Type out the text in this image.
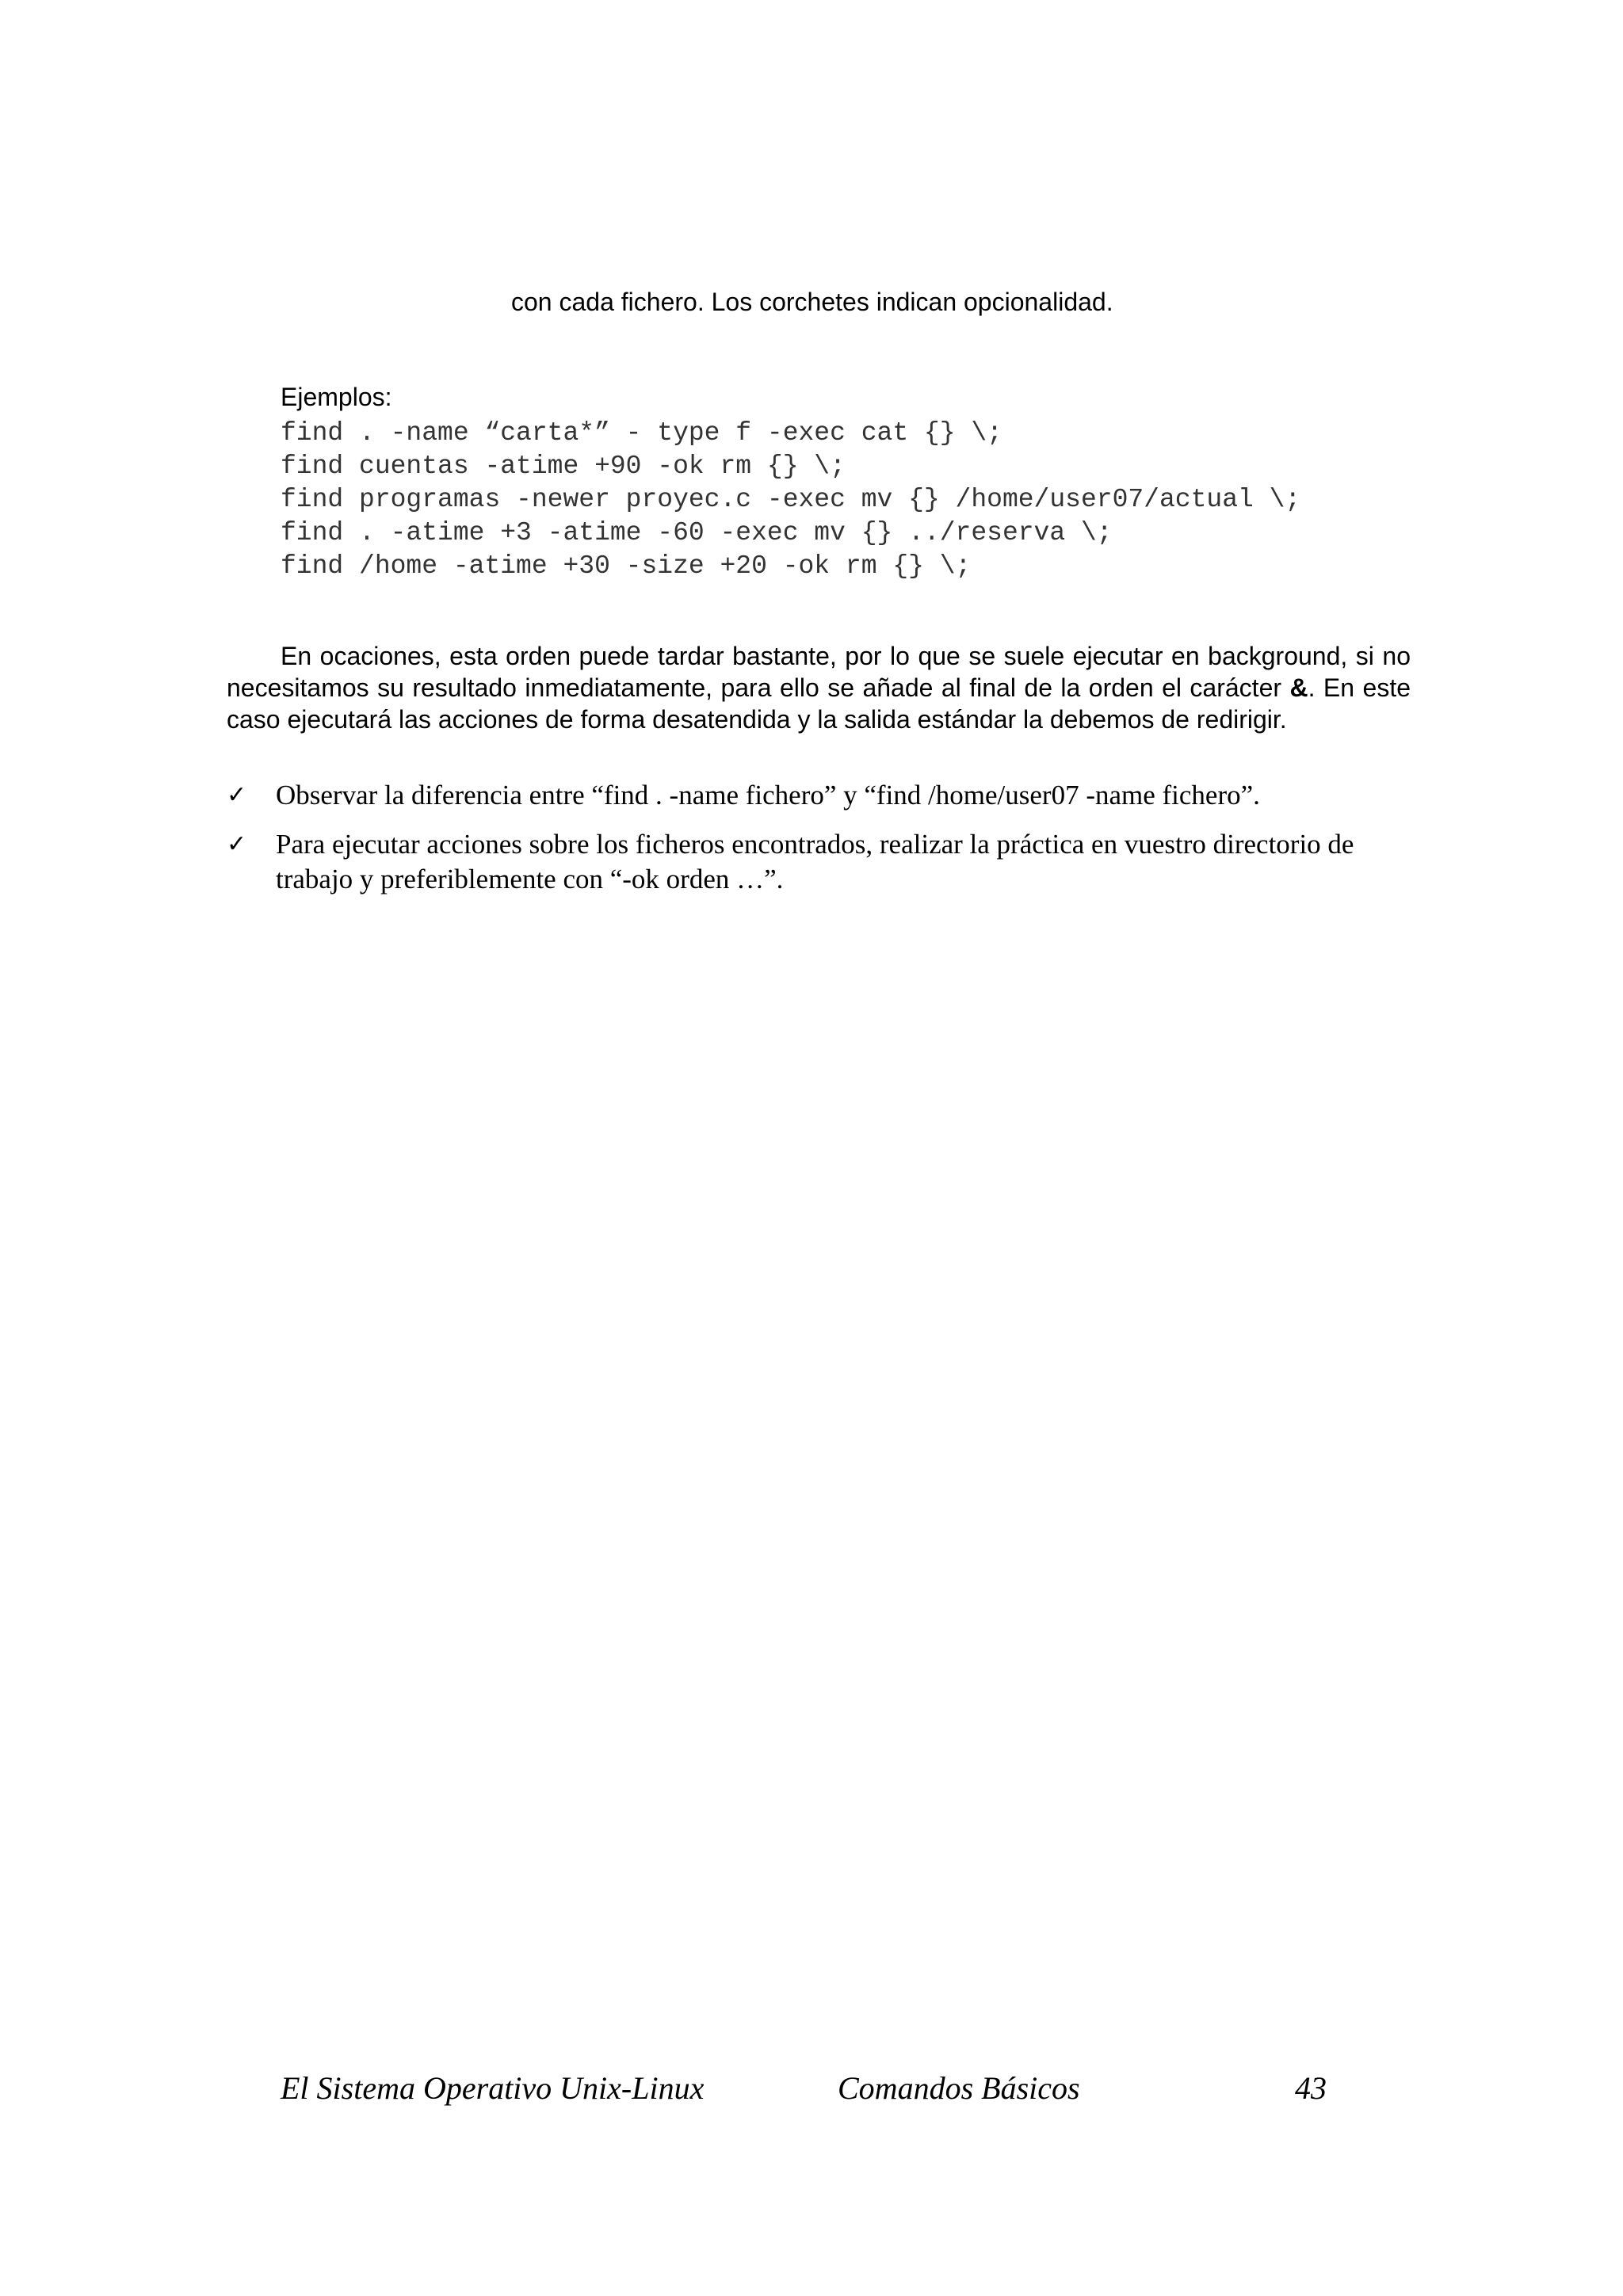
con cada fichero. Los corchetes indican opcionalidad.
Ejemplos:
find . -name “carta*” - type f -exec cat {} \;
find cuentas -atime +90 -ok rm {} \;
find programas -newer proyec.c -exec mv {} /home/user07/actual \;
find . -atime +3 -atime -60 -exec mv {} ../reserva \;
find /home -atime +30 -size +20 -ok rm {} \;

En ocaciones, esta orden puede tardar bastante, por lo que se suele ejecutar en background, si no necesitamos su resultado inmediatamente, para ello se añade al final de la orden el carácter &. En este caso ejecutará las acciones de forma desatendida y la salida estándar la debemos de redirigir.

✓ Observar la diferencia entre “find . -name fichero” y “find /home/user07 -name fichero”.
✓ Para ejecutar acciones sobre los ficheros encontrados, realizar la práctica en vuestro directorio de trabajo y preferiblemente con “-ok orden …”.
El Sistema Operativo Unix-Linux	Comandos Básicos	43
